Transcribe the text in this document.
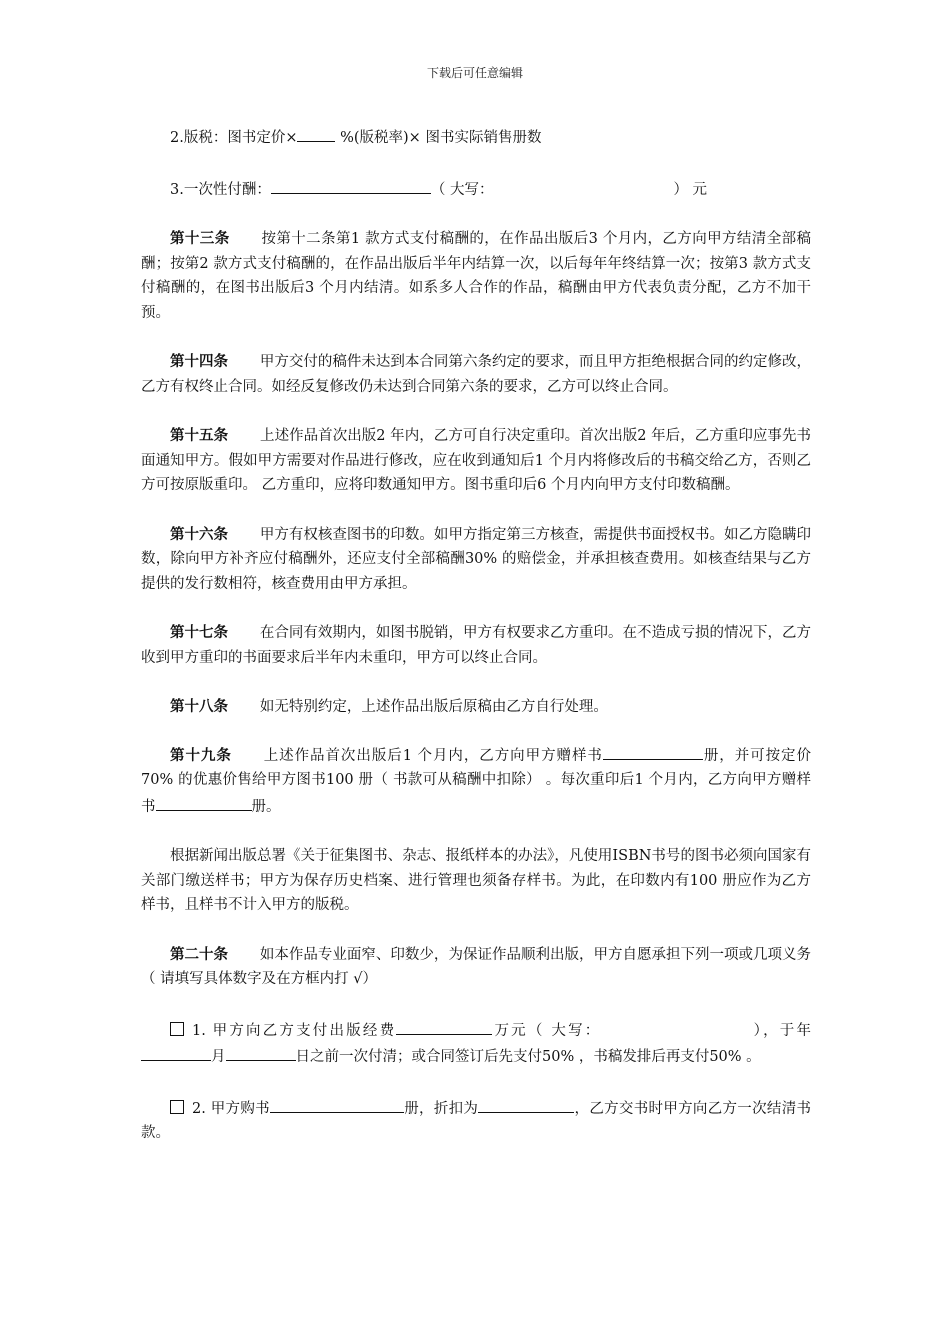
下载后可任意编辑

2.版税：图书定价×	%(版税率)× 图书实际销售册数

3.一次性付酬：	（ 大写：	） 元

第十三条 按第十二条第1 款方式支付稿酬的，在作品出版后3 个月内，乙方向甲方结清全部稿酬；按第2 款方式支付稿酬的，在作品出版后半年内结算一次，以后每年年终结算一次；按第3 款方式支付稿酬的，在图书出版后3 个月内结清。如系多人合作的作品，稿酬由甲方代表负责分配，乙方不加干预。

第十四条 甲方交付的稿件未达到本合同第六条约定的要求，而且甲方拒绝根据合同的约定修改，乙方有权终止合同。如经反复修改仍未达到合同第六条的要求，乙方可以终止合同。

第十五条 上述作品首次出版2 年内，乙方可自行决定重印。首次出版2 年后，乙方重印应事先书面通知甲方。假如甲方需要对作品进行修改，应在收到通知后1 个月内将修改后的书稿交给乙方，否则乙方可按原版重印。 乙方重印，应将印数通知甲方。图书重印后6 个月内向甲方支付印数稿酬。

第十六条 甲方有权核查图书的印数。如甲方指定第三方核查，需提供书面授权书。如乙方隐瞒印数，除向甲方补齐应付稿酬外，还应支付全部稿酬30% 的赔偿金，并承担核查费用。如核查结果与乙方提供的发行数相符，核查费用由甲方承担。

第十七条 在合同有效期内，如图书脱销，甲方有权要求乙方重印。在不造成亏损的情况下，乙方收到甲方重印的书面要求后半年内未重印，甲方可以终止合同。

第十八条 如无特别约定，上述作品出版后原稿由乙方自行处理。

第十九条 上述作品首次出版后1 个月内，乙方向甲方赠样书	册，并可按定价70% 的优惠价售给甲方图书100 册（ 书款可从稿酬中扣除） 。每次重印后1 个月内，乙方向甲方赠样书	册。

根据新闻出版总署《关于征集图书、杂志、报纸样本的办法》，凡使用ISBN书号的图书必须向国家有关部门缴送样书；甲方为保存历史档案、进行管理也须备存样书。为此，在印数内有100 册应作为乙方样书，且样书不计入甲方的版税。

第二十条 如本作品专业面窄、印数少，为保证作品顺利出版，甲方自愿承担下列一项或几项义务（ 请填写具体数字及在方框内打 √）

1. 甲方向乙方支付出版经费	万元（ 大写：	），于年月	日之前一次付清；或合同签订后先支付50% ，书稿发排后再支付50% 。

2. 甲方购书	册，折扣为	，乙方交书时甲方向乙方一次结清书款。
